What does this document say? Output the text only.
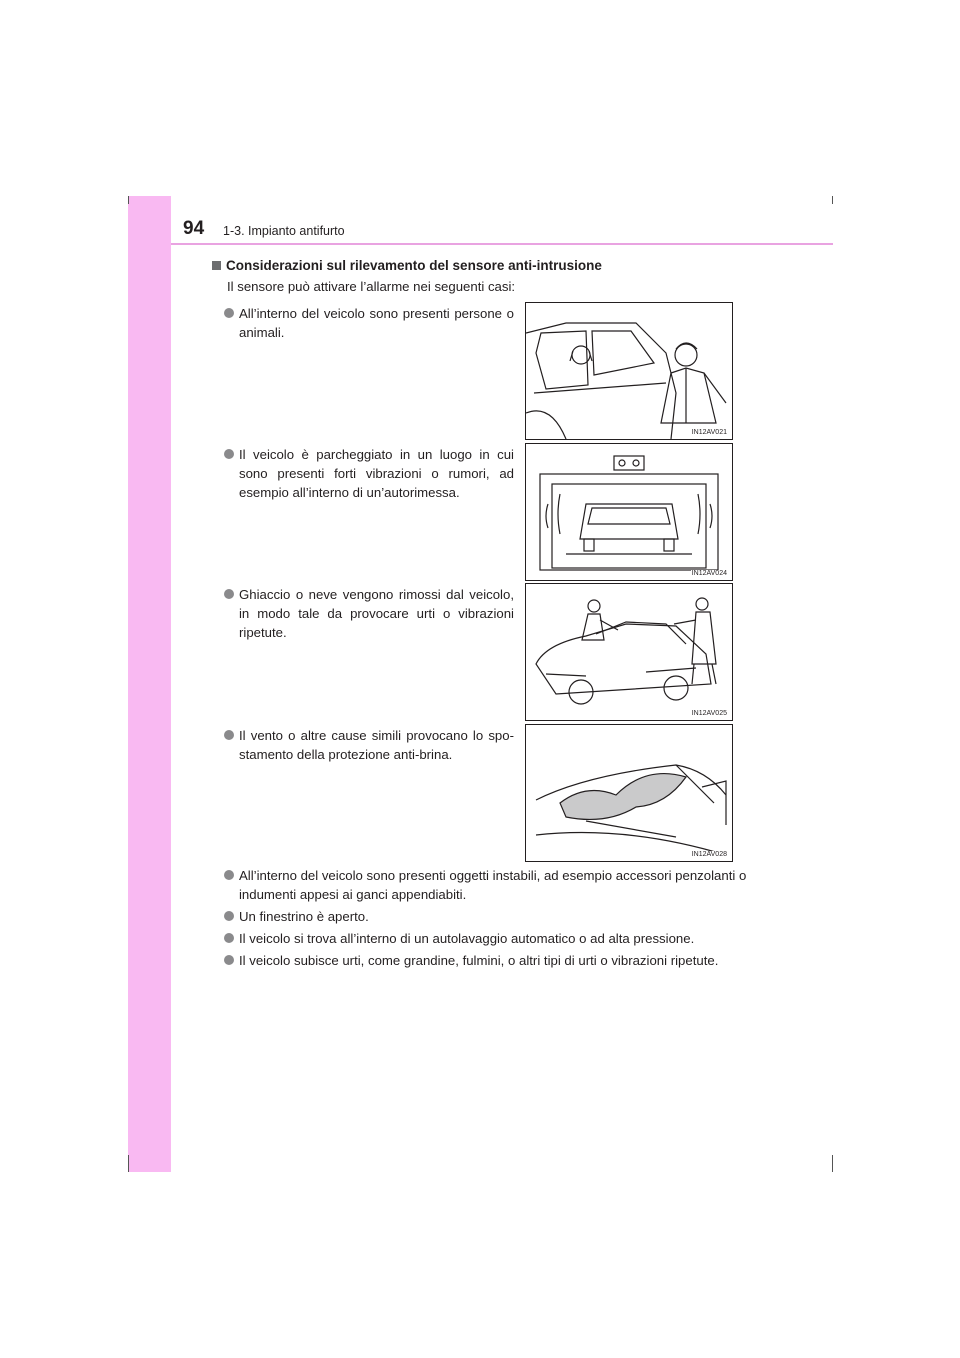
94 1-3. Impianto antifurto
Considerazioni sul rilevamento del sensore anti-intrusione
Il sensore può attivare l’allarme nei seguenti casi:
All’interno del veicolo sono presenti persone o animali.
IN12AV021
Il veicolo è parcheggiato in un luogo in cui sono presenti forti vibrazioni o rumori, ad esempio all’interno di un’autorimessa.
IN12AV024
Ghiaccio o neve vengono rimossi dal veicolo, in modo tale da provocare urti o vibrazioni ripetute.
IN12AV025
Il vento o altre cause simili provocano lo spo-stamento della protezione anti-brina.
IN12AV028
All’interno del veicolo sono presenti oggetti instabili, ad esempio accessori penzolanti o indumenti appesi ai ganci appendiabiti.
Un finestrino è aperto.
Il veicolo si trova all’interno di un autolavaggio automatico o ad alta pressione.
Il veicolo subisce urti, come grandine, fulmini, o altri tipi di urti o vibrazioni ripetute.
